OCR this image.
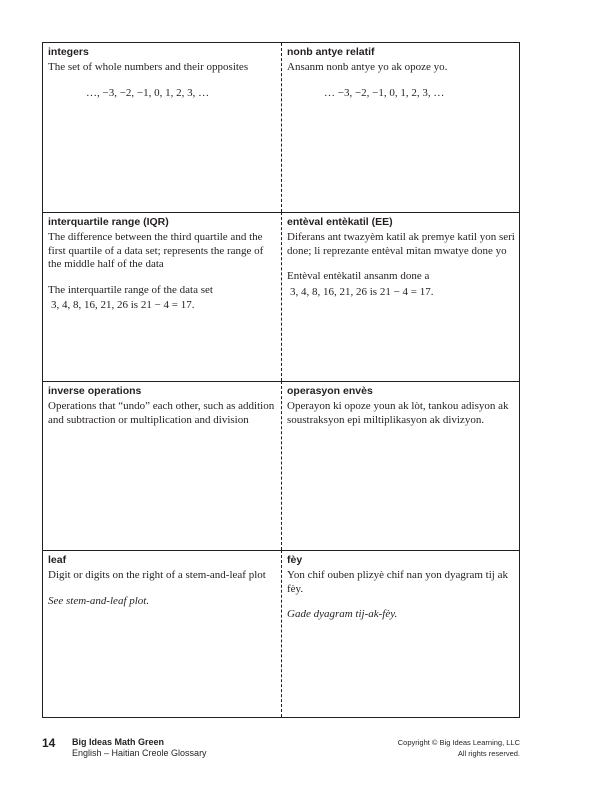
integers

The set of whole numbers and their opposites

…, −3, −2, −1, 0, 1, 2, 3, …

nonb antye relatif

Ansanm nonb antye yo ak opoze yo.

… −3, −2, −1, 0, 1, 2, 3, …

interquartile range (IQR)

The difference between the third quartile and the first quartile of a data set; represents the range of the middle half of the data

The interquartile range of the data set
3, 4, 8, 16, 21, 26 is 21 − 4 = 17.

entèval entèkatil (EE)

Diferans ant twazyèm katil ak premye katil yon seri done; li reprezante entèval mitan mwatye done yo

Entèval entèkatil ansanm done a
3, 4, 8, 16, 21, 26 is 21 − 4 = 17.

inverse operations

Operations that “undo” each other, such as addition and subtraction or multiplication and division

operasyon envès

Operayon ki opoze youn ak lòt, tankou adisyon ak soustraksyon epi miltiplikasyon ak divizyon.

leaf

Digit or digits on the right of a stem-and-leaf plot

See stem-and-leaf plot.

fèy

Yon chif ouben plizyè chif nan yon dyagram tij ak fèy.

Gade dyagram tij-ak-fèy.

14 Big Ideas Math Green
English – Haitian Creole Glossary
Copyright © Big Ideas Learning, LLC
All rights reserved.
